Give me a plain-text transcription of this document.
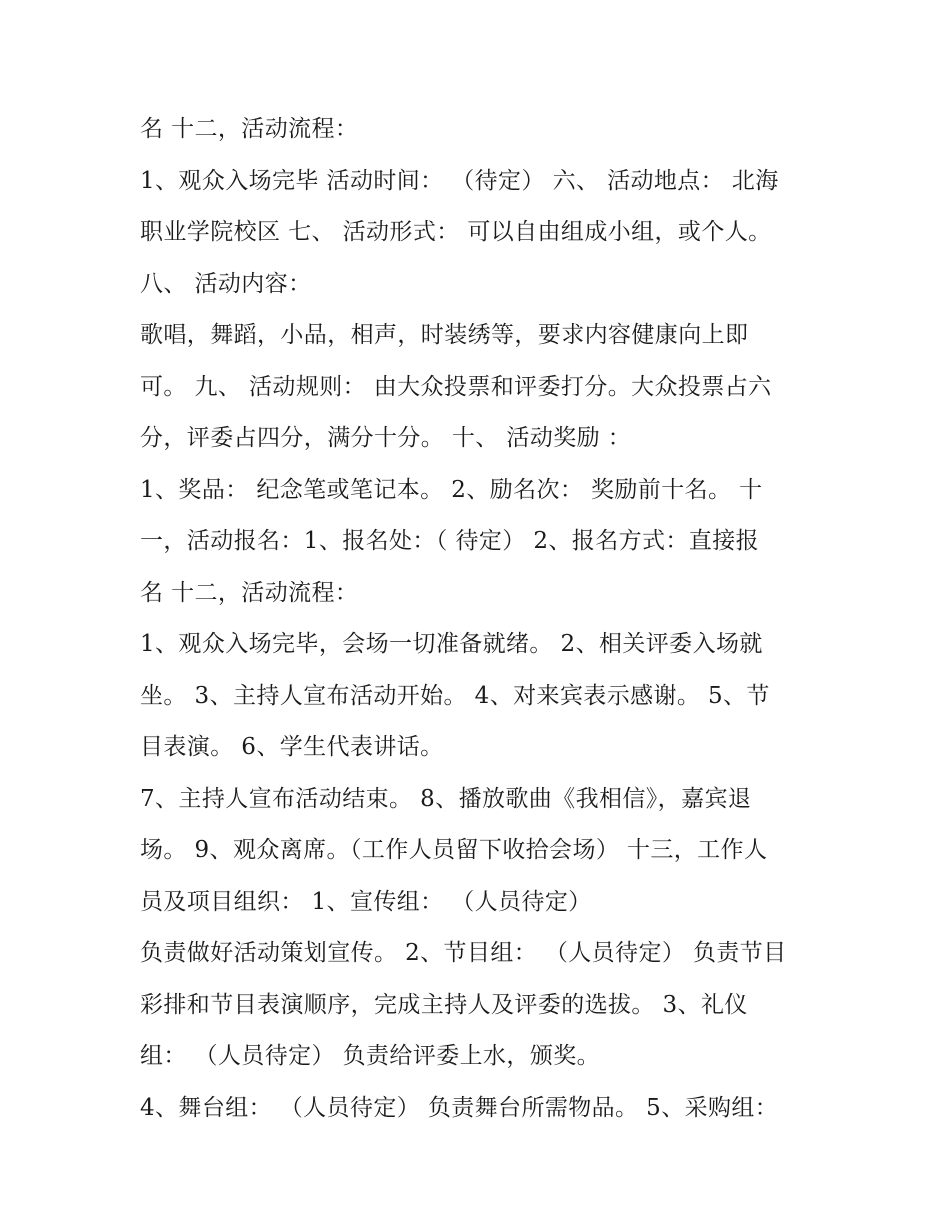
名 十二，活动流程：
1、观众入场完毕 活动时间： （待定） 六、 活动地点： 北海
职业学院校区 七、 活动形式： 可以自由组成小组，或个人。
八、 活动内容：
歌唱，舞蹈，小品，相声，时装绣等，要求内容健康向上即
可。 九、 活动规则： 由大众投票和评委打分。大众投票占六
分，评委占四分，满分十分。 十、 活动奖励 ：
1、奖品： 纪念笔或笔记本。 2、励名次： 奖励前十名。 十
一，活动报名：1、报名处：（ 待定） 2、报名方式：直接报
名 十二，活动流程：
1、观众入场完毕，会场一切准备就绪。 2、相关评委入场就
坐。 3、主持人宣布活动开始。 4、对来宾表示感谢。 5、节
目表演。 6、学生代表讲话。
7、主持人宣布活动结束。 8、播放歌曲《我相信》，嘉宾退
场。 9、观众离席。（工作人员留下收拾会场） 十三，工作人
员及项目组织： 1、宣传组： （人员待定）
负责做好活动策划宣传。 2、节目组： （人员待定） 负责节目
彩排和节目表演顺序，完成主持人及评委的选拔。 3、礼仪
组： （人员待定） 负责给评委上水，颁奖。
4、舞台组： （人员待定） 负责舞台所需物品。 5、采购组：
